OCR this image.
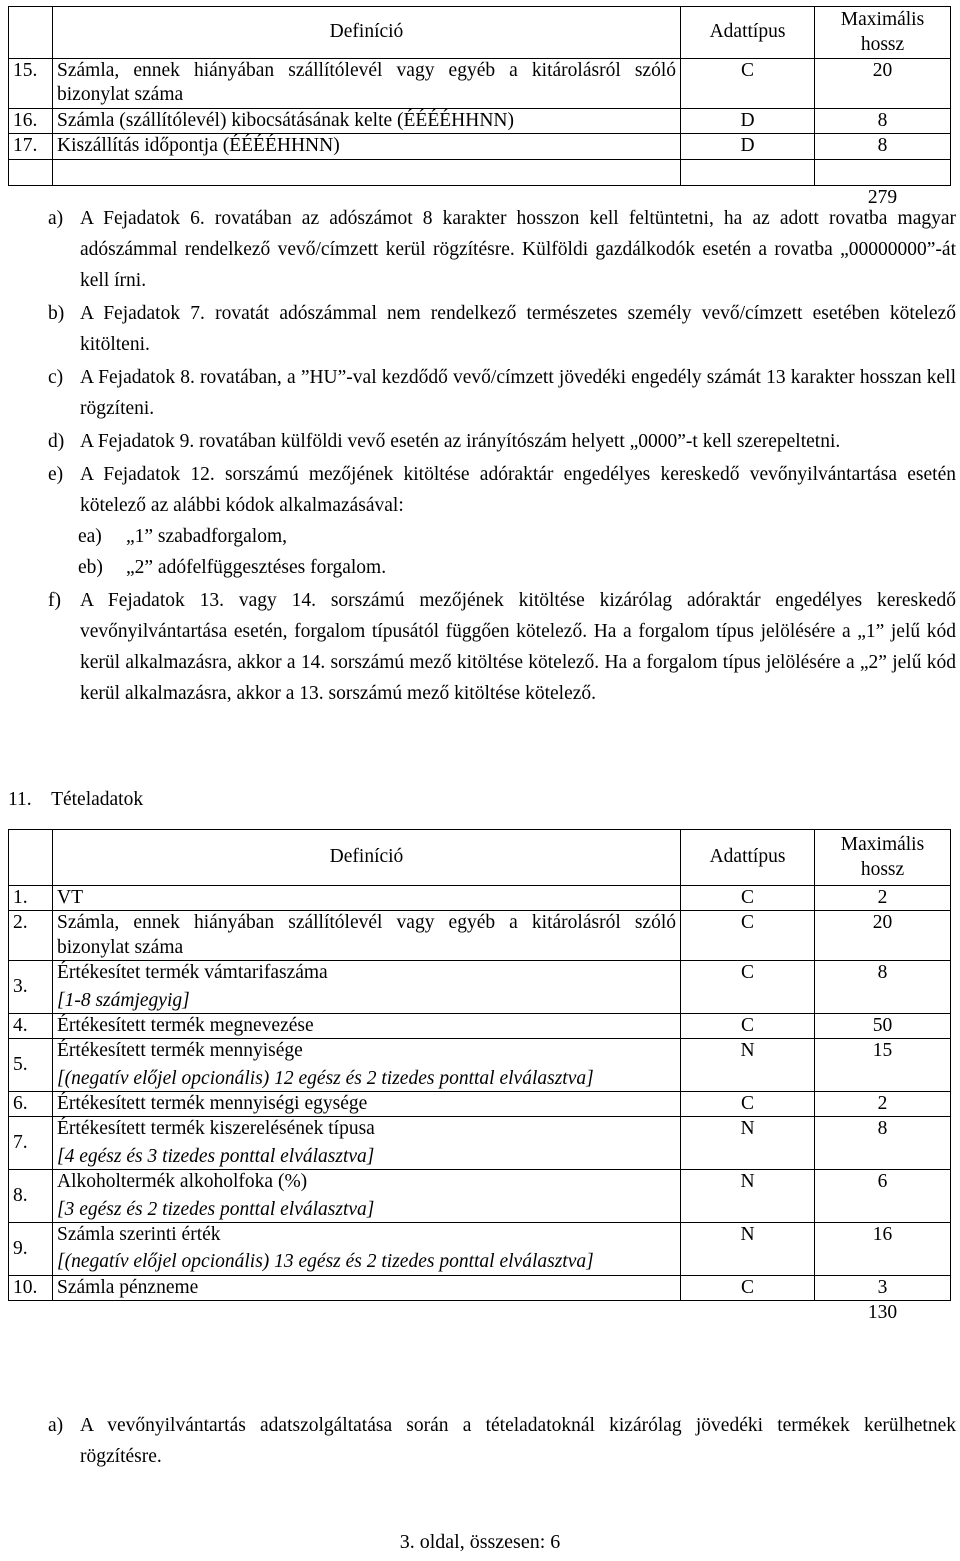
	Definíció	Adattípus	Maximális hossz
15.	Számla, ennek hiányában szállítólevél vagy egyéb a kitárolásról szóló bizonylat száma	C	20
16.	Számla (szállítólevél) kibocsátásának kelte (ÉÉÉÉHHNN)	D	8
17.	Kiszállítás időpontja (ÉÉÉÉHHNN)	D	8

			279

a) A Fejadatok 6. rovatában az adószámot 8 karakter hosszon kell feltüntetni, ha az adott rovatba magyar adószámmal rendelkező vevő/címzett kerül rögzítésre. Külföldi gazdálkodók esetén a rovatba „00000000”-át kell írni.

b) A Fejadatok 7. rovatát adószámmal nem rendelkező természetes személy vevő/címzett esetében kötelező kitölteni.

c) A Fejadatok 8. rovatában, a ”HU”-val kezdődő vevő/címzett jövedéki engedély számát 13 karakter hosszan kell rögzíteni.

d) A Fejadatok 9. rovatában külföldi vevő esetén az irányítószám helyett „0000”-t kell szerepeltetni.

e) A Fejadatok 12. sorszámú mezőjének kitöltése adóraktár engedélyes kereskedő vevőnyilvántartása esetén kötelező az alábbi kódok alkalmazásával:

ea) „1” szabadforgalom,

eb) „2” adófelfüggesztéses forgalom.

f) A Fejadatok 13. vagy 14. sorszámú mezőjének kitöltése kizárólag adóraktár engedélyes kereskedő vevőnyilvántartása esetén, forgalom típusától függően kötelező. Ha a forgalom típus jelölésére a „1” jelű kód kerül alkalmazásra, akkor a 14. sorszámú mező kitöltése kötelező. Ha a forgalom típus jelölésére a „2” jelű kód kerül alkalmazásra, akkor a 13. sorszámú mező kitöltése kötelező.

11. Tételadatok
	Definíció	Adattípus	Maximális hossz
1.	VT	C	2
2.	Számla, ennek hiányában szállítólevél vagy egyéb a kitárolásról szóló bizonylat száma	C	20
3.	Értékesítet termék vámtarifaszáma
[1-8 számjegyig]	C	8
4.	Értékesített termék megnevezése	C	50
5.	Értékesített termék mennyisége
[(negatív előjel opcionális) 12 egész és 2 tizedes ponttal elválasztva]	N	15
6.	Értékesített termék mennyiségi egysége	C	2
7.	Értékesített termék kiszerelésének típusa
[4 egész és 3 tizedes ponttal elválasztva]	N	8
8.	Alkoholtermék alkoholfoka (%)
[3 egész és 2 tizedes ponttal elválasztva]	N	6
9.	Számla szerinti érték
[(negatív előjel opcionális) 13 egész és 2 tizedes ponttal elválasztva]	N	16
10.	Számla pénzneme	C	3
			130

a) A vevőnyilvántartás adatszolgáltatása során a tételadatoknál kizárólag jövedéki termékek kerülhetnek rögzítésre.

3. oldal, összesen: 6
